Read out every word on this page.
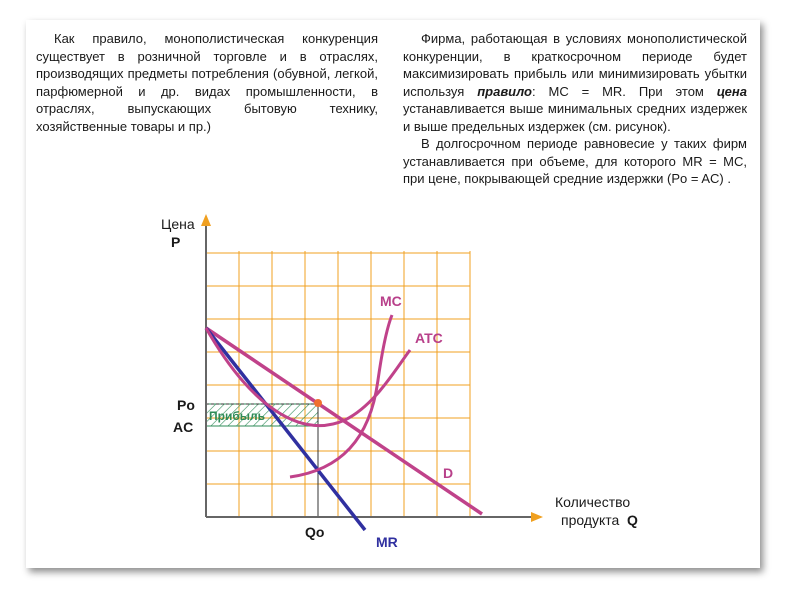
Как правило, монополистическая конкуренция существует в розничной торговле и в отраслях, производящих предметы потребления (обувной, легкой, парфюмерной и др. видах промышленности, в отраслях, выпускающих бытовую технику, хозяйственные товары и пр.)

Фирма, работающая в условиях монополистической конкуренции, в краткосрочном периоде будет максимизировать прибыль или минимизировать убытки используя правило: MC = MR. При этом цена устанавливается выше минимальных средних издержек и выше предельных издержек (см. рисунок).

В долгосрочном периоде равновесие у таких фирм устанавливается при объеме, для которого MR = MC, при цене, покрывающей средние издержки (Po = AC) .

Цена
P
Po
AC
Прибыль
Qo
Количество
продукта Q
MC
ATC
D
MR
